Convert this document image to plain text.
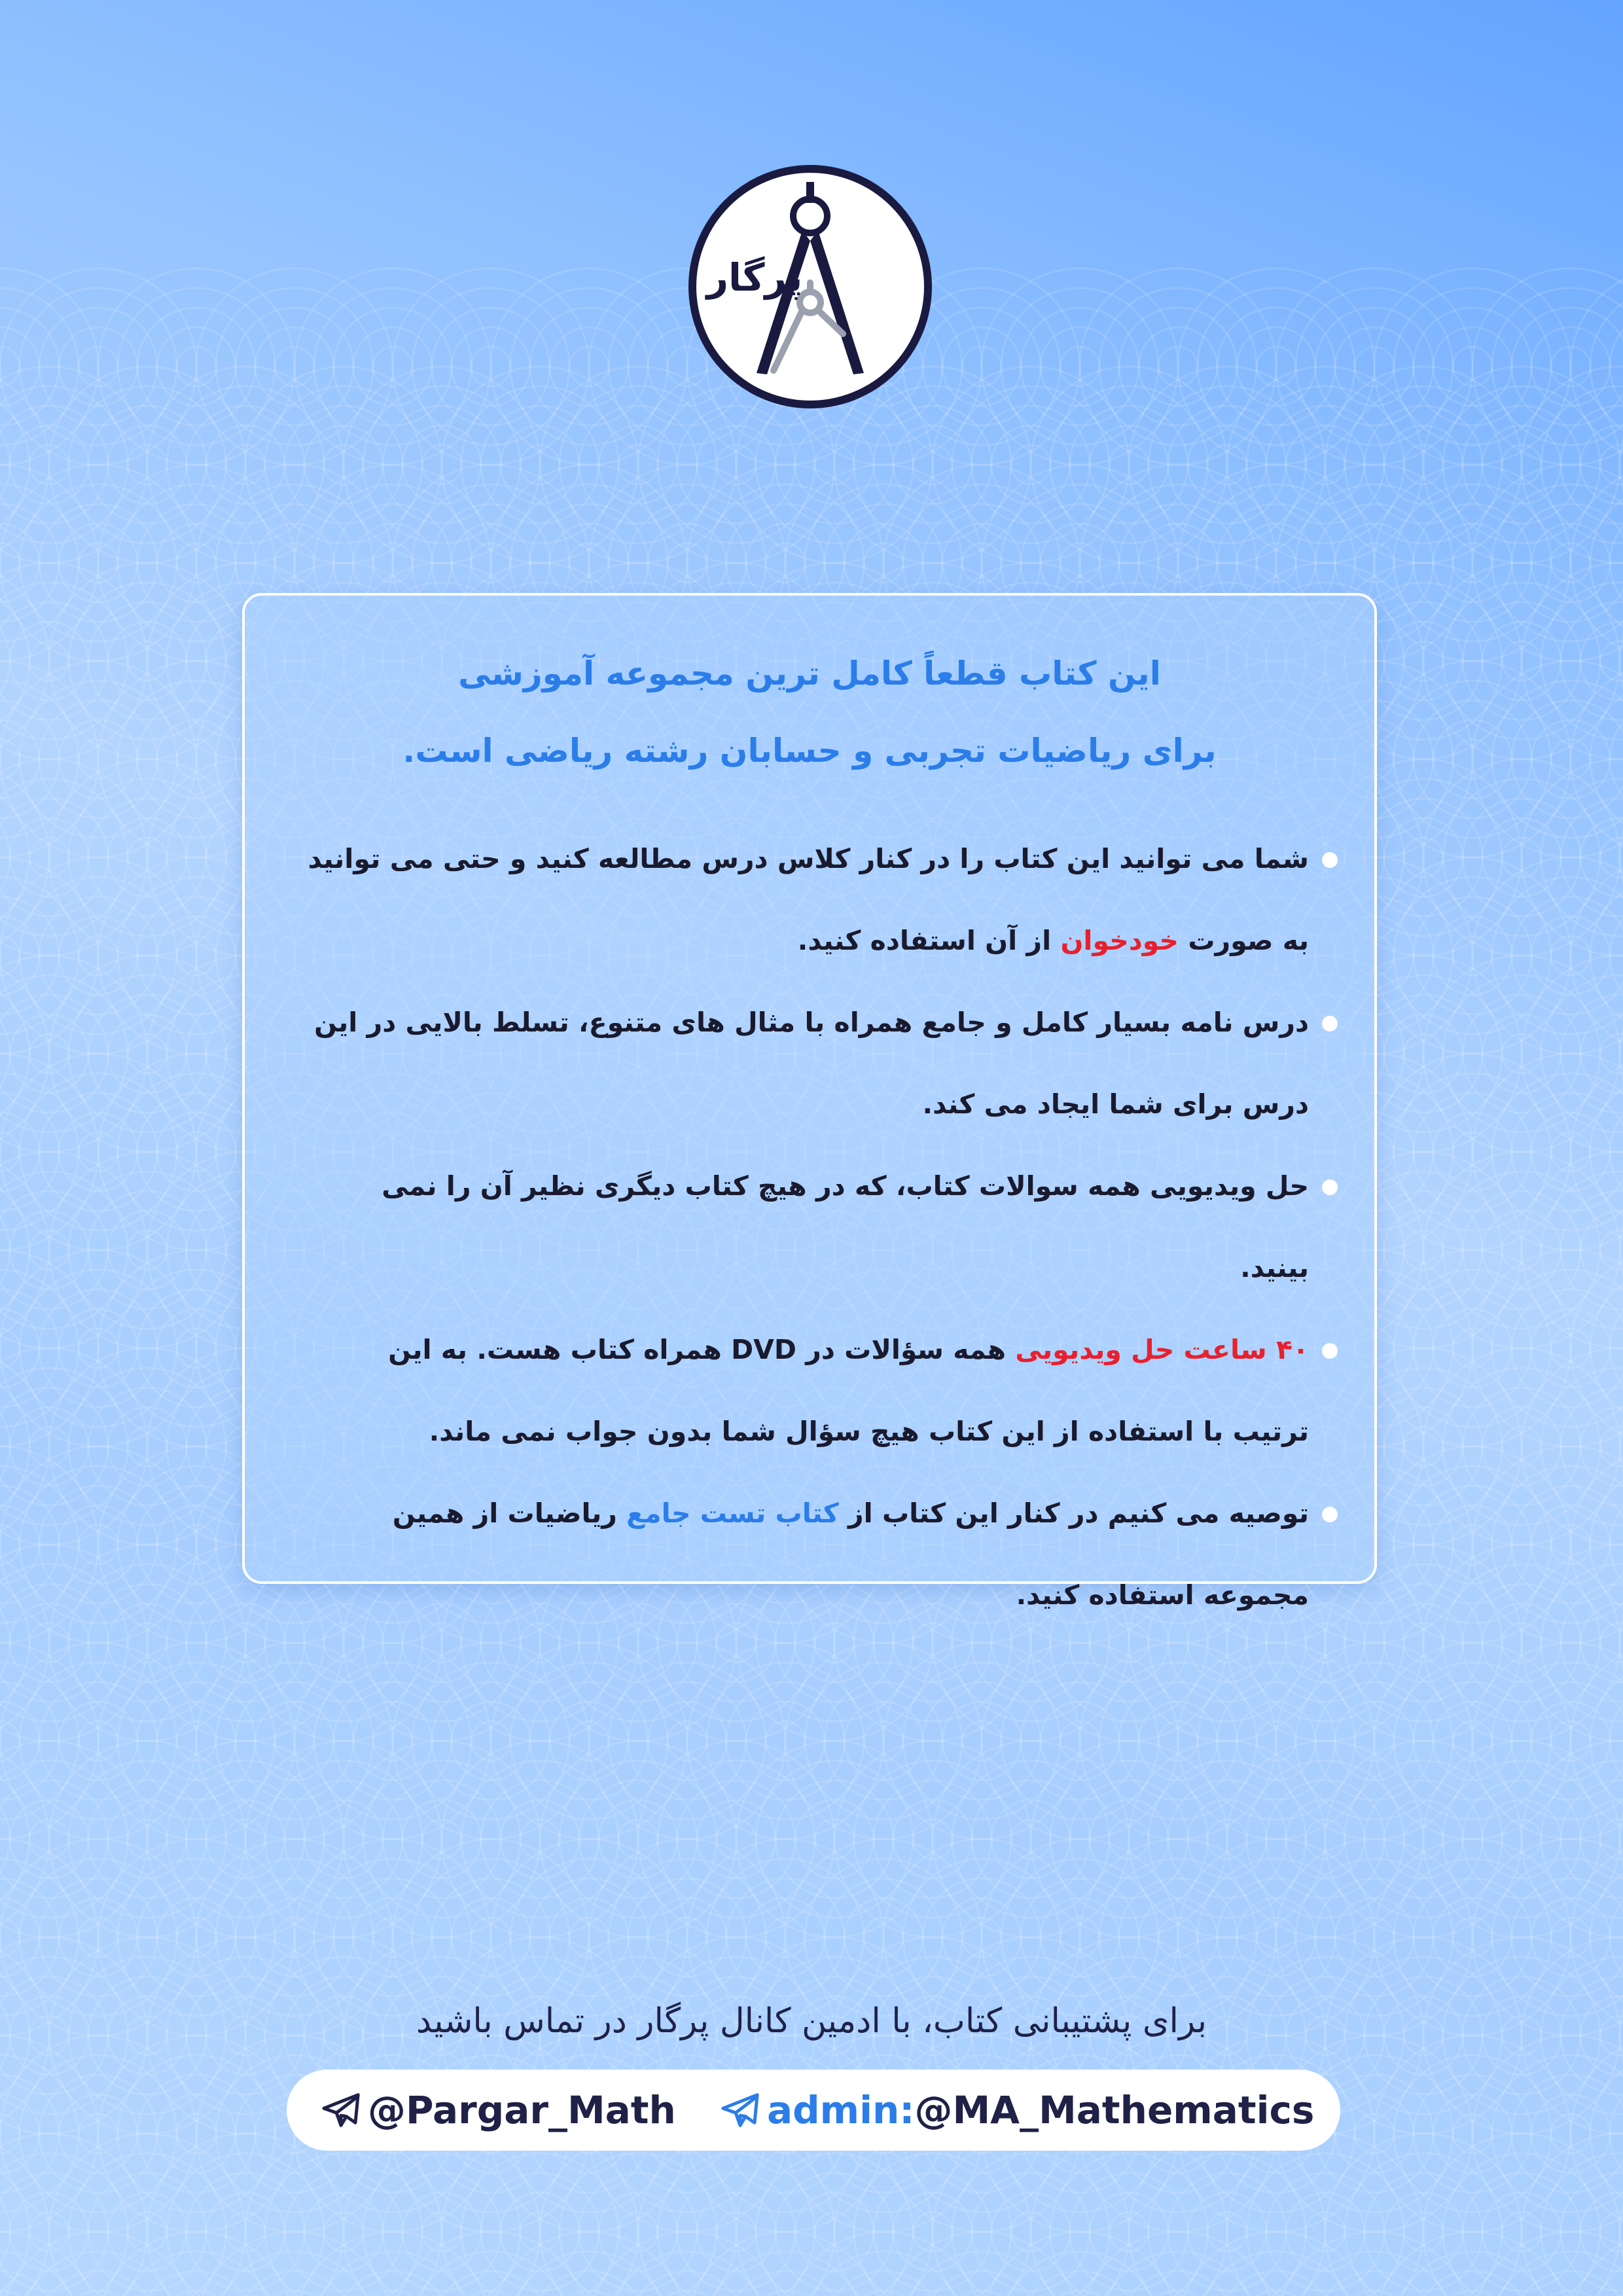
پرگار
این کتاب قطعاً کامل ترین مجموعه آموزشی
برای ریاضیات تجربی و حسابان رشته ریاضی است.
شما می توانید این کتاب را در کنار کلاس درس مطالعه کنید و حتی می توانید به صورت خودخوان از آن استفاده کنید.
درس نامه بسیار کامل و جامع همراه با مثال های متنوع، تسلط بالایی در این درس برای شما ایجاد می کند.
حل ویدیویی همه سوالات کتاب، که در هیچ کتاب دیگری نظیر آن را نمی بینید.
۴۰ ساعت حل ویدیویی همه سؤالات در DVD همراه کتاب هست. به این ترتیب با استفاده از این کتاب هیچ سؤال شما بدون جواب نمی ماند.
توصیه می کنیم در کنار این کتاب از کتاب تست جامع ریاضیات از همین مجموعه استفاده کنید.
برای پشتیبانی کتاب، با ادمین کانال پرگار در تماس باشید
@Pargar_Math admin: @MA_Mathematics
